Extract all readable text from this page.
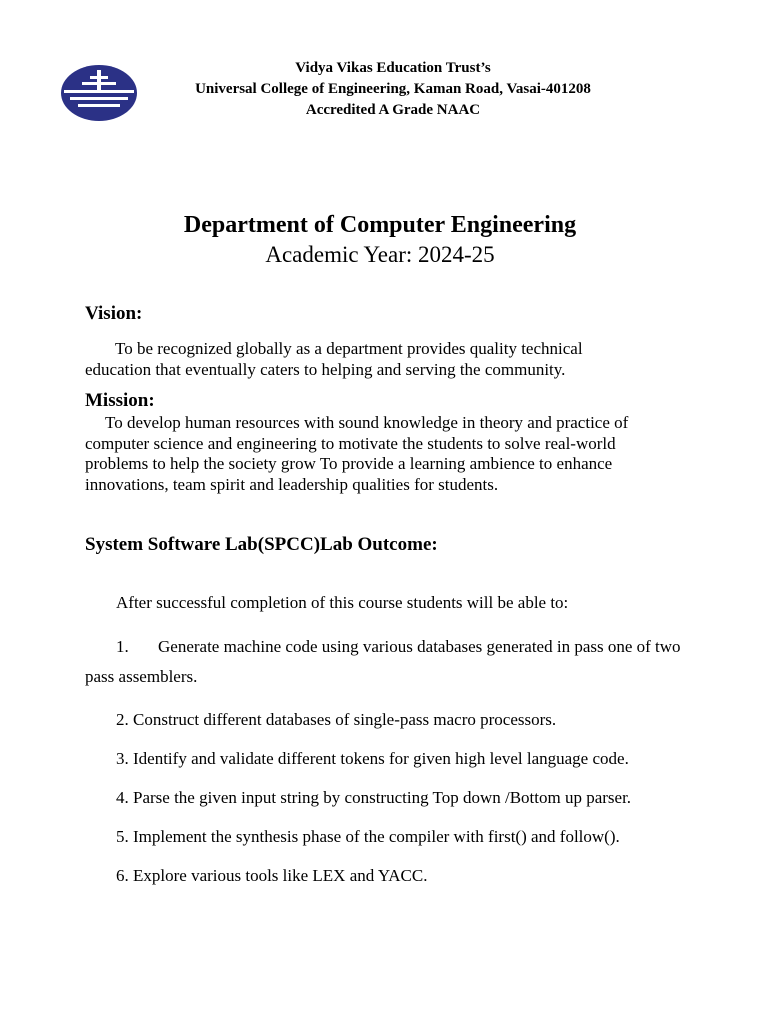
Vidya Vikas Education Trust’s
Universal College of Engineering, Kaman Road, Vasai-401208
Accredited A Grade NAAC
Department of Computer Engineering
Academic Year: 2024-25
Vision:
To be recognized globally as a department provides quality technical education that eventually caters to helping and serving the community.
Mission:
To develop human resources with sound knowledge in theory and practice of computer science and engineering to motivate the students to solve real-world problems to help the society grow To provide a learning ambience to enhance innovations, team spirit and leadership qualities for students.
System Software Lab(SPCC)Lab Outcome:

After successful completion of this course students will be able to:

1. Generate machine code using various databases generated in pass one of two pass assemblers.

2. Construct different databases of single-pass macro processors.
3. Identify and validate different tokens for given high level language code.
4. Parse the given input string by constructing Top down /Bottom up parser.
5. Implement the synthesis phase of the compiler with first() and follow().
6. Explore various tools like LEX and YACC.
